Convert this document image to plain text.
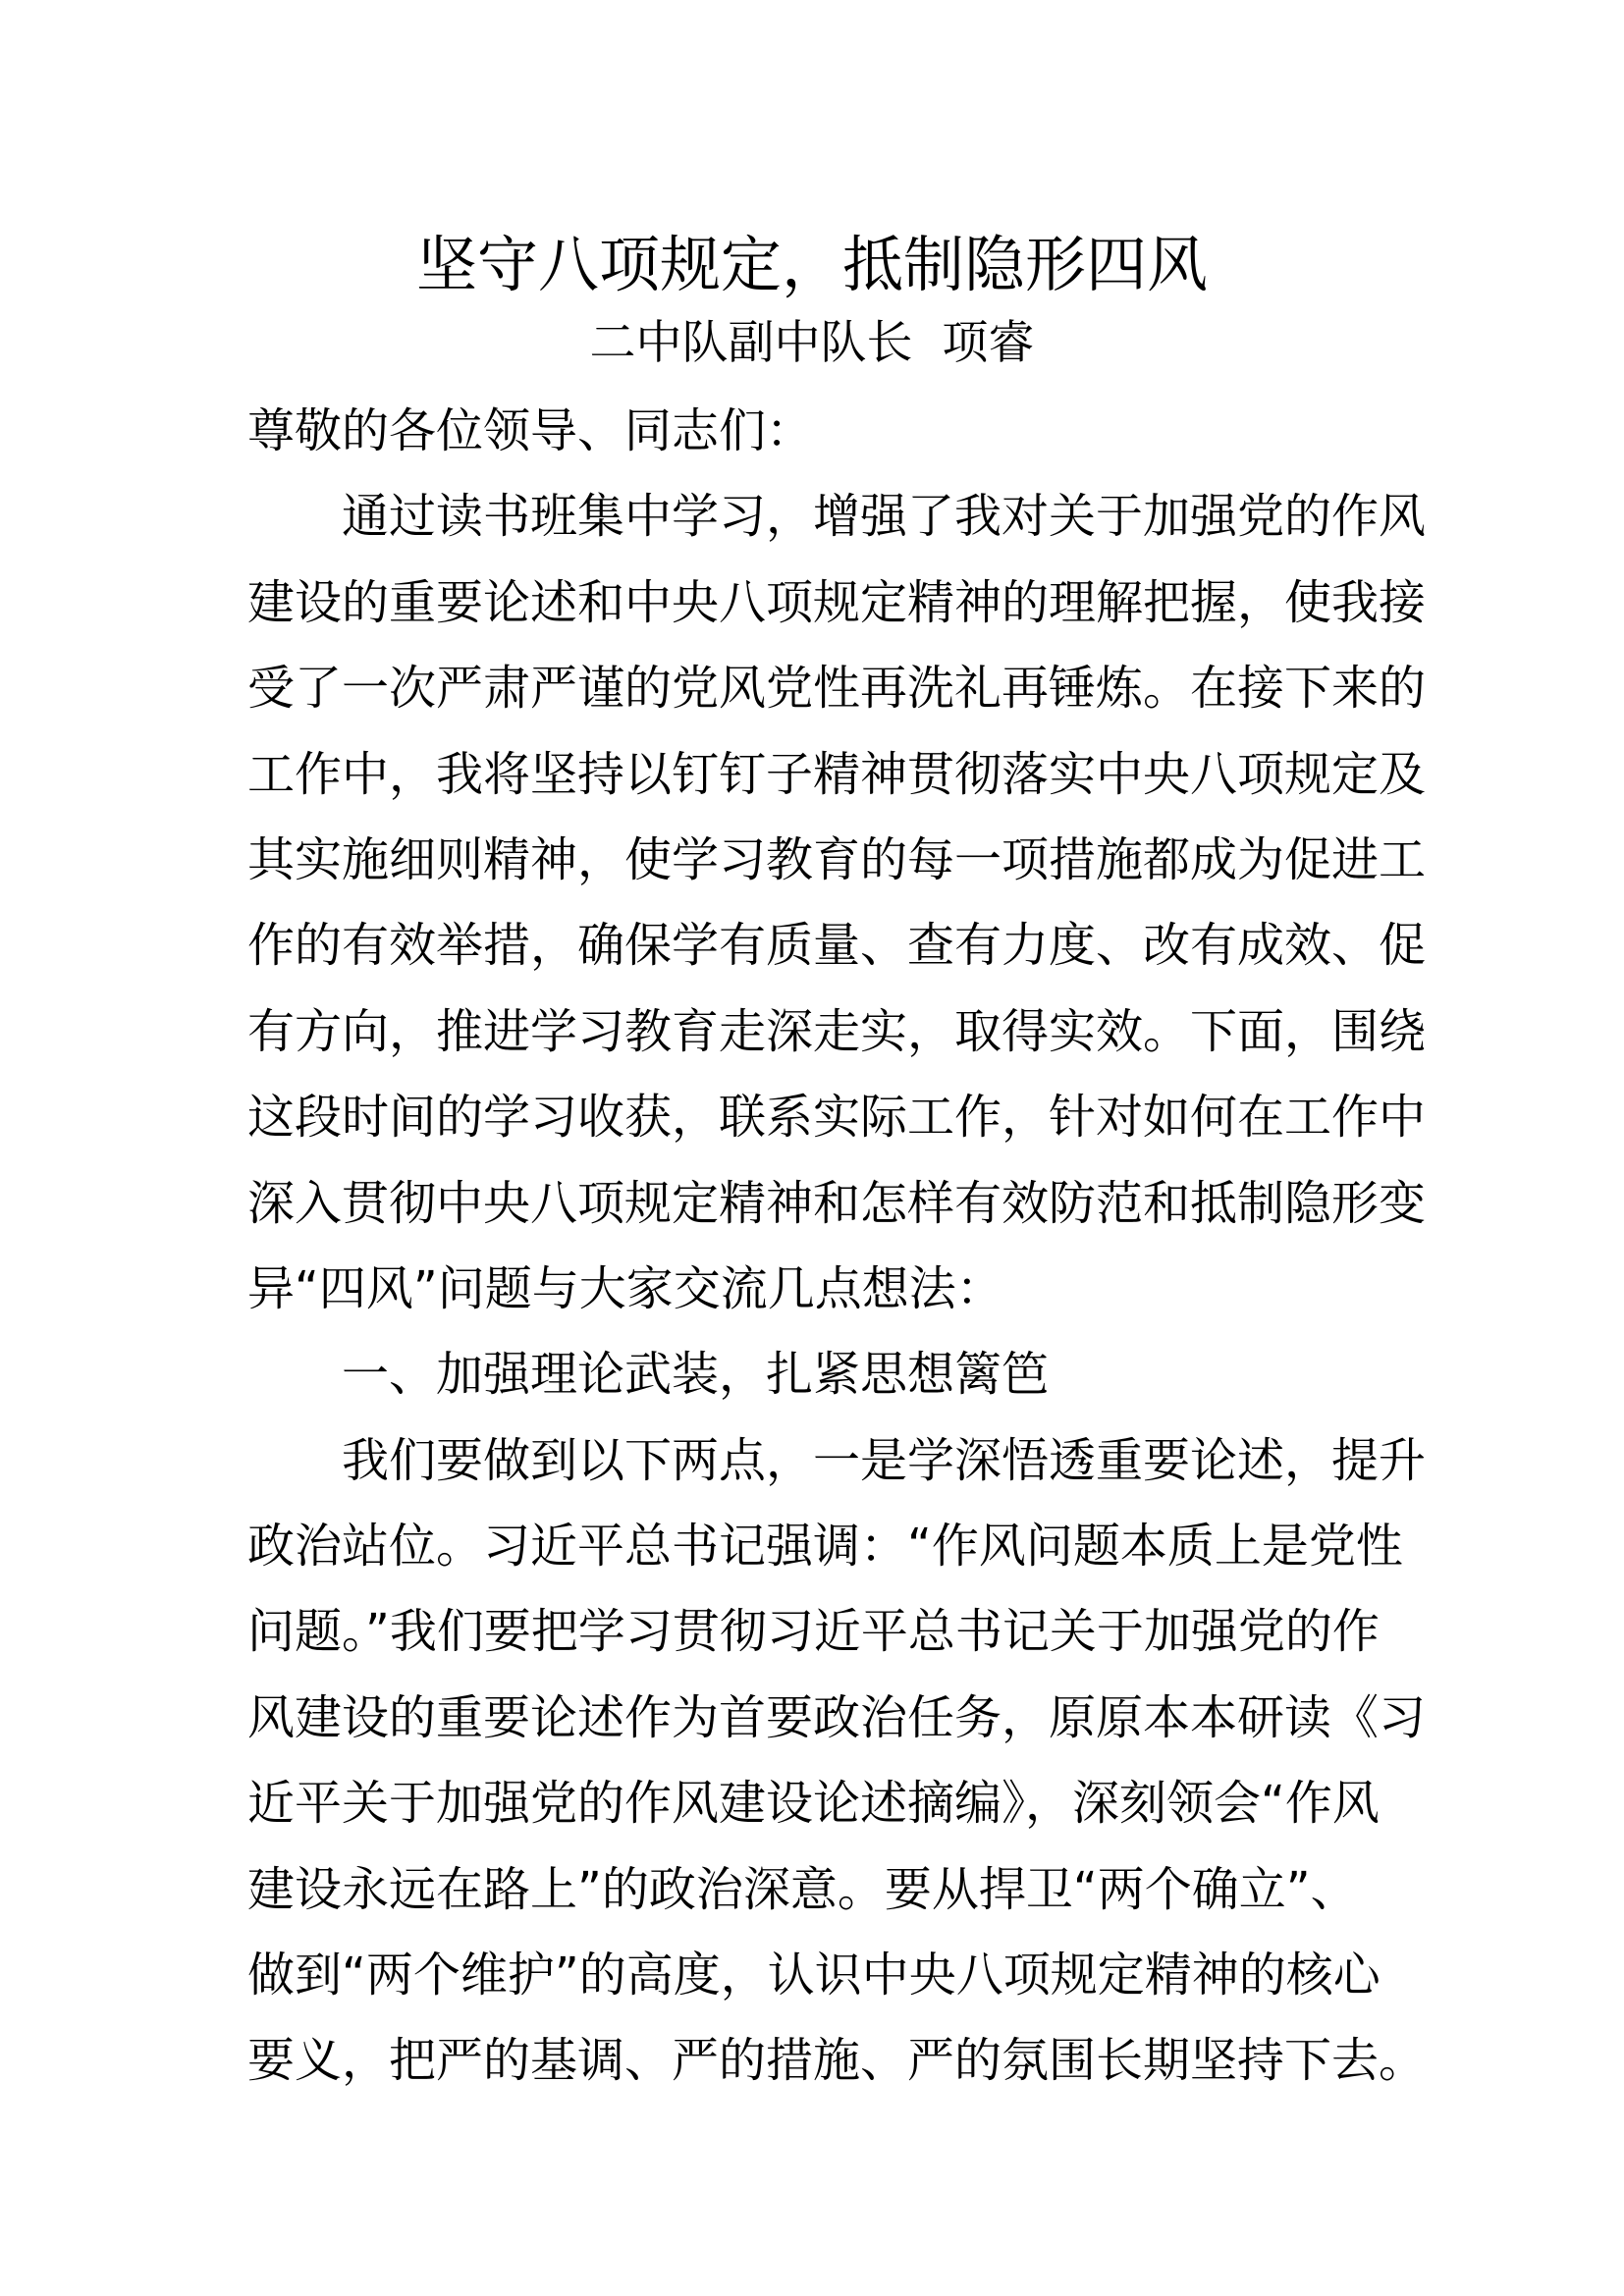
坚守八项规定，抵制隐形四风
二中队副中队长  项睿
尊敬的各位领导、同志们：
通过读书班集中学习，增强了我对关于加强党的作风
建设的重要论述和中央八项规定精神的理解把握，使我接
受了一次严肃严谨的党风党性再洗礼再锤炼。在接下来的
工作中，我将坚持以钉钉子精神贯彻落实中央八项规定及
其实施细则精神，使学习教育的每一项措施都成为促进工
作的有效举措，确保学有质量、查有力度、改有成效、促
有方向，推进学习教育走深走实，取得实效。下面，围绕
这段时间的学习收获，联系实际工作，针对如何在工作中
深入贯彻中央八项规定精神和怎样有效防范和抵制隐形变
异“四风”问题与大家交流几点想法：
一、加强理论武装，扎紧思想篱笆
我们要做到以下两点，一是学深悟透重要论述，提升
政治站位。习近平总书记强调：“作风问题本质上是党性
问题。”我们要把学习贯彻习近平总书记关于加强党的作
风建设的重要论述作为首要政治任务，原原本本研读《习
近平关于加强党的作风建设论述摘编》，深刻领会“作风
建设永远在路上”的政治深意。要从捍卫“两个确立”、
做到“两个维护”的高度，认识中央八项规定精神的核心
要义，把严的基调、严的措施、严的氛围长期坚持下去。
